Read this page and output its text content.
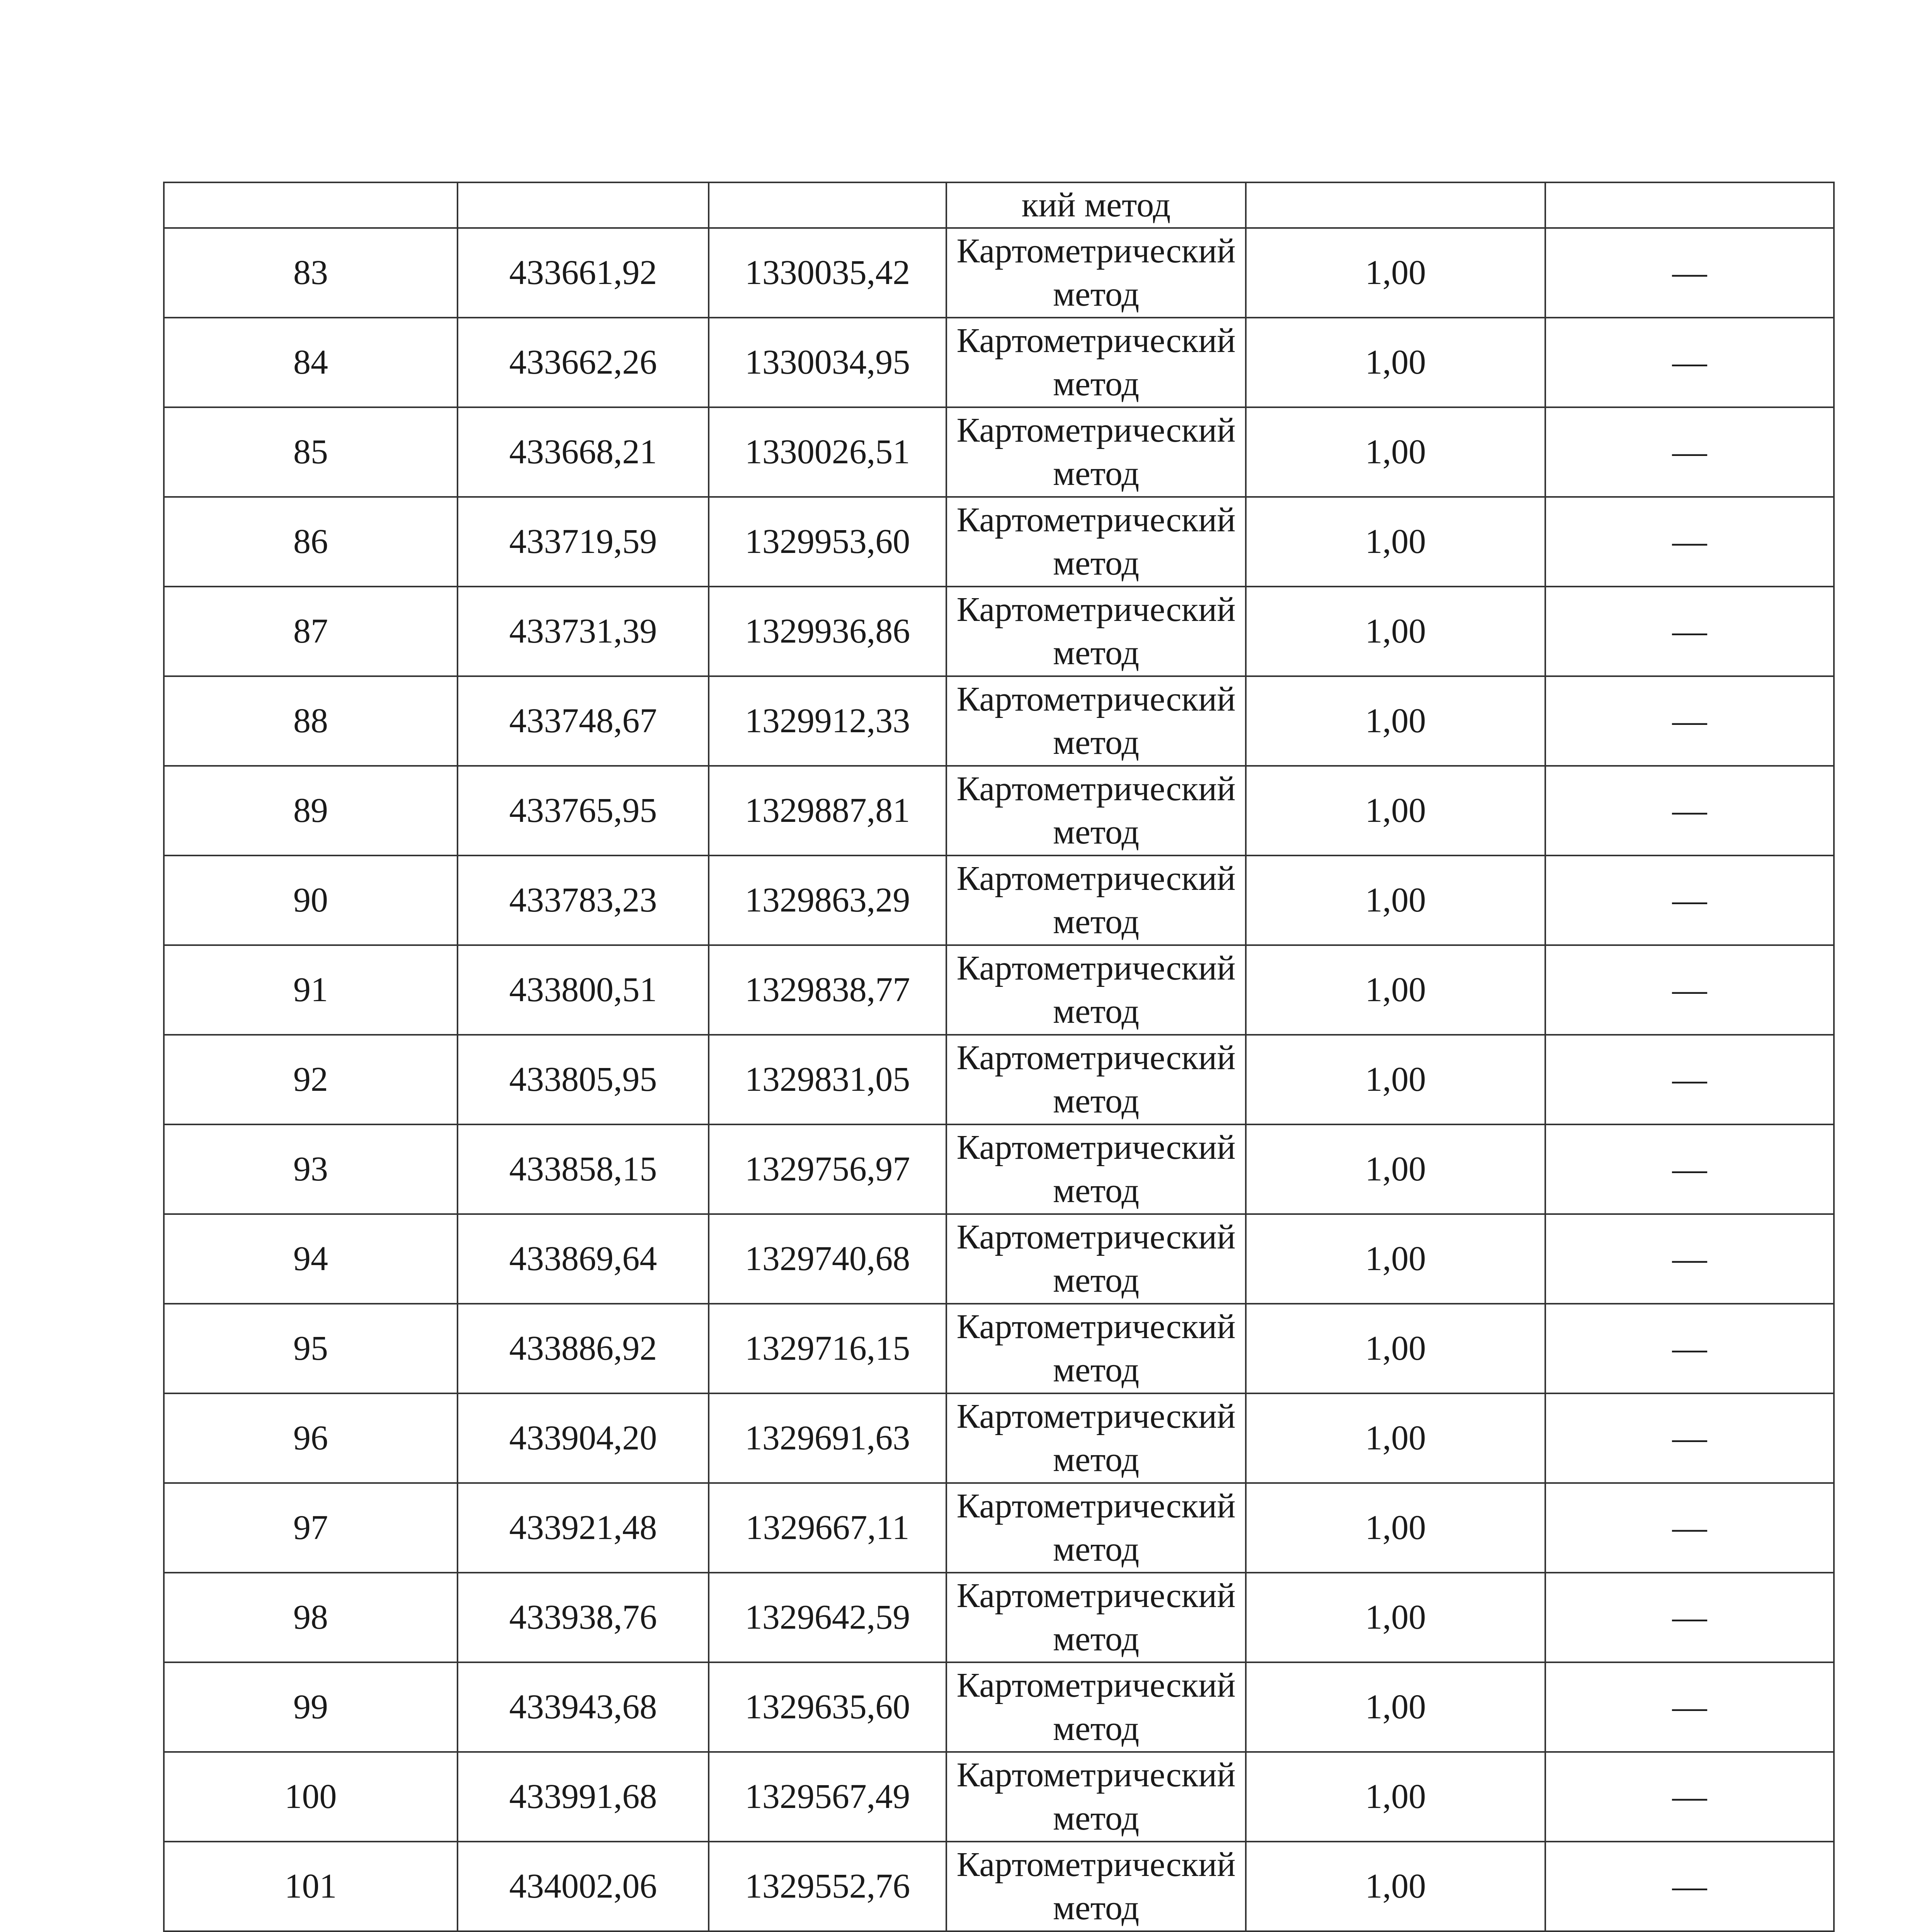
			кий метод		

83	433661,92	1330035,42	Картометрический метод	1,00	—
84	433662,26	1330034,95	Картометрический метод	1,00	—
85	433668,21	1330026,51	Картометрический метод	1,00	—
86	433719,59	1329953,60	Картометрический метод	1,00	—
87	433731,39	1329936,86	Картометрический метод	1,00	—
88	433748,67	1329912,33	Картометрический метод	1,00	—
89	433765,95	1329887,81	Картометрический метод	1,00	—
90	433783,23	1329863,29	Картометрический метод	1,00	—
91	433800,51	1329838,77	Картометрический метод	1,00	—
92	433805,95	1329831,05	Картометрический метод	1,00	—
93	433858,15	1329756,97	Картометрический метод	1,00	—
94	433869,64	1329740,68	Картометрический метод	1,00	—
95	433886,92	1329716,15	Картометрический метод	1,00	—
96	433904,20	1329691,63	Картометрический метод	1,00	—
97	433921,48	1329667,11	Картометрический метод	1,00	—
98	433938,76	1329642,59	Картометрический метод	1,00	—
99	433943,68	1329635,60	Картометрический метод	1,00	—
100	433991,68	1329567,49	Картометрический метод	1,00	—
101	434002,06	1329552,76	Картометрический метод	1,00	—
